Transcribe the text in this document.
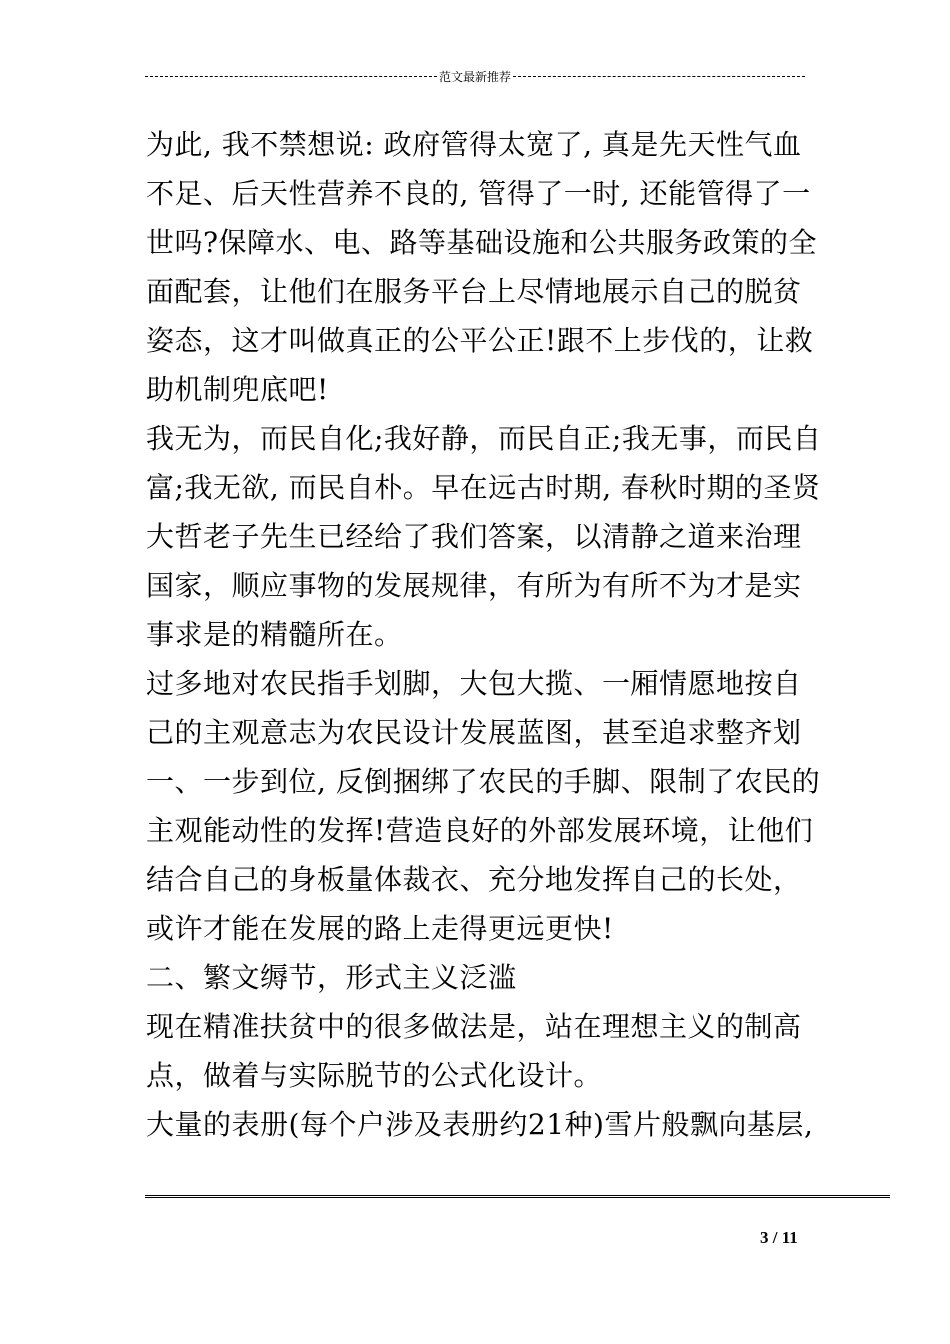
范文最新推荐
为此, 我不禁想说: 政府管得太宽了, 真是先天性气血
不足、后天性营养不良的, 管得了一时, 还能管得了一
世吗?保障水、电、路等基础设施和公共服务政策的全
面配套，让他们在服务平台上尽情地展示自己的脱贫
姿态，这才叫做真正的公平公正!跟不上步伐的，让救
助机制兜底吧!
我无为，而民自化;我好静，而民自正;我无事，而民自
富;我无欲, 而民自朴。早在远古时期, 春秋时期的圣贤
大哲老子先生已经给了我们答案，以清静之道来治理
国家，顺应事物的发展规律，有所为有所不为才是实
事求是的精髓所在。
过多地对农民指手划脚，大包大揽、一厢情愿地按自
己的主观意志为农民设计发展蓝图，甚至追求整齐划
一、一步到位, 反倒捆绑了农民的手脚、限制了农民的
主观能动性的发挥!营造良好的外部发展环境，让他们
结合自己的身板量体裁衣、充分地发挥自己的长处，
或许才能在发展的路上走得更远更快!
二、繁文缛节，形式主义泛滥
现在精准扶贫中的很多做法是，站在理想主义的制高
点，做着与实际脱节的公式化设计。
大量的表册(每个户涉及表册约21种)雪片般飘向基层,
3 / 11
